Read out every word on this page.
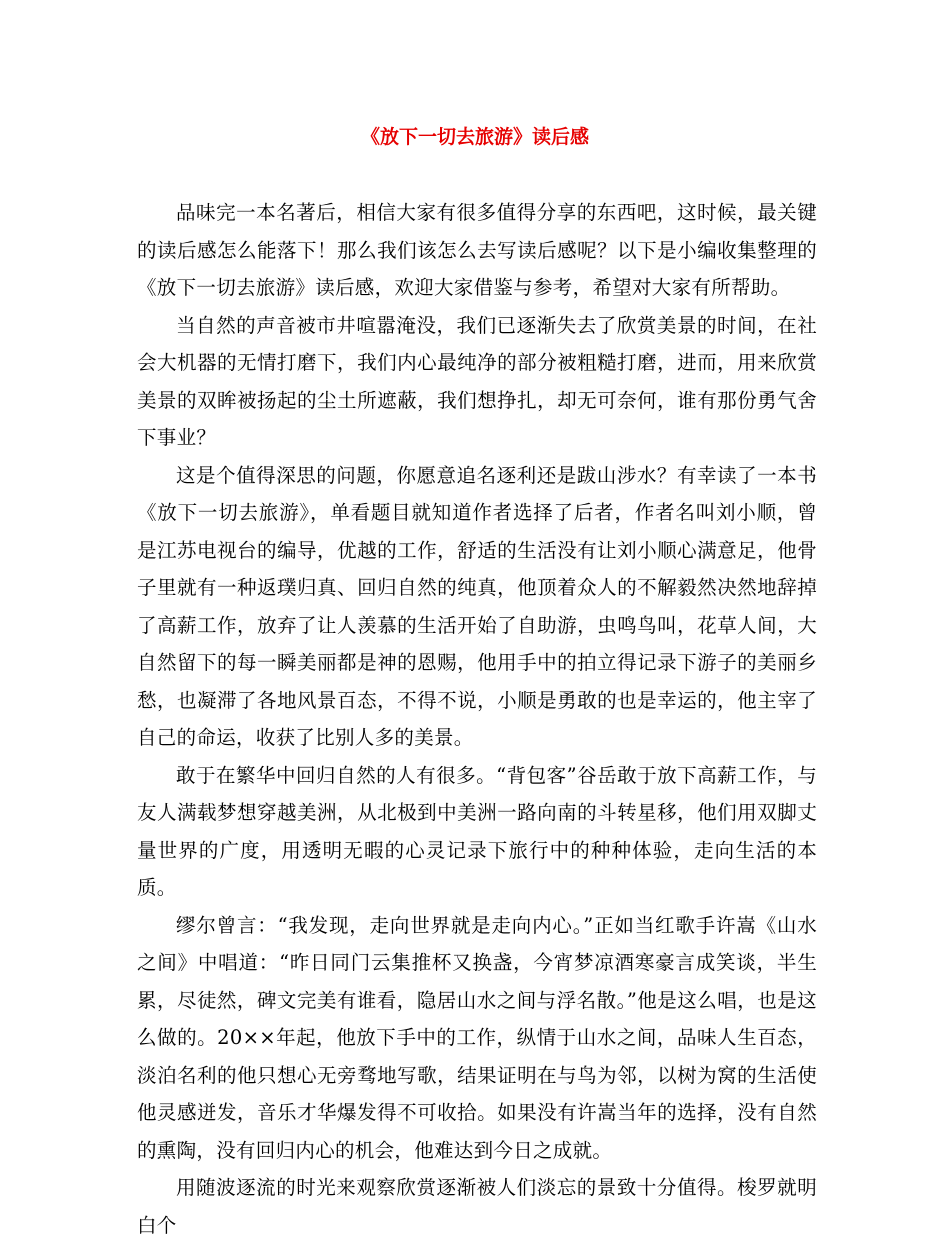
《放下一切去旅游》读后感

品味完一本名著后，相信大家有很多值得分享的东西吧，这时候，最关键的读后感怎么能落下！那么我们该怎么去写读后感呢？以下是小编收集整理的《放下一切去旅游》读后感，欢迎大家借鉴与参考，希望对大家有所帮助。

当自然的声音被市井喧嚣淹没，我们已逐渐失去了欣赏美景的时间，在社会大机器的无情打磨下，我们内心最纯净的部分被粗糙打磨，进而，用来欣赏美景的双眸被扬起的尘土所遮蔽，我们想挣扎，却无可奈何，谁有那份勇气舍下事业？

这是个值得深思的问题，你愿意追名逐利还是跋山涉水？有幸读了一本书《放下一切去旅游》，单看题目就知道作者选择了后者，作者名叫刘小顺，曾是江苏电视台的编导，优越的工作，舒适的生活没有让刘小顺心满意足，他骨子里就有一种返璞归真、回归自然的纯真，他顶着众人的不解毅然决然地辞掉了高薪工作，放弃了让人羡慕的生活开始了自助游，虫鸣鸟叫，花草人间，大自然留下的每一瞬美丽都是神的恩赐，他用手中的拍立得记录下游子的美丽乡愁，也凝滞了各地风景百态，不得不说，小顺是勇敢的也是幸运的，他主宰了自己的命运，收获了比别人多的美景。

敢于在繁华中回归自然的人有很多。“背包客”谷岳敢于放下高薪工作，与友人满载梦想穿越美洲，从北极到中美洲一路向南的斗转星移，他们用双脚丈量世界的广度，用透明无暇的心灵记录下旅行中的种种体验，走向生活的本质。

缪尔曾言：“我发现，走向世界就是走向内心。”正如当红歌手许嵩《山水之间》中唱道：“昨日同门云集推杯又换盏，今宵梦凉酒寒豪言成笑谈，半生累，尽徒然，碑文完美有谁看，隐居山水之间与浮名散。”他是这么唱，也是这么做的。20××年起，他放下手中的工作，纵情于山水之间，品味人生百态，淡泊名利的他只想心无旁骛地写歌，结果证明在与鸟为邻，以树为窝的生活使他灵感迸发，音乐才华爆发得不可收拾。如果没有许嵩当年的选择，没有自然的熏陶，没有回归内心的机会，他难达到今日之成就。

用随波逐流的时光来观察欣赏逐渐被人们淡忘的景致十分值得。梭罗就明白个
